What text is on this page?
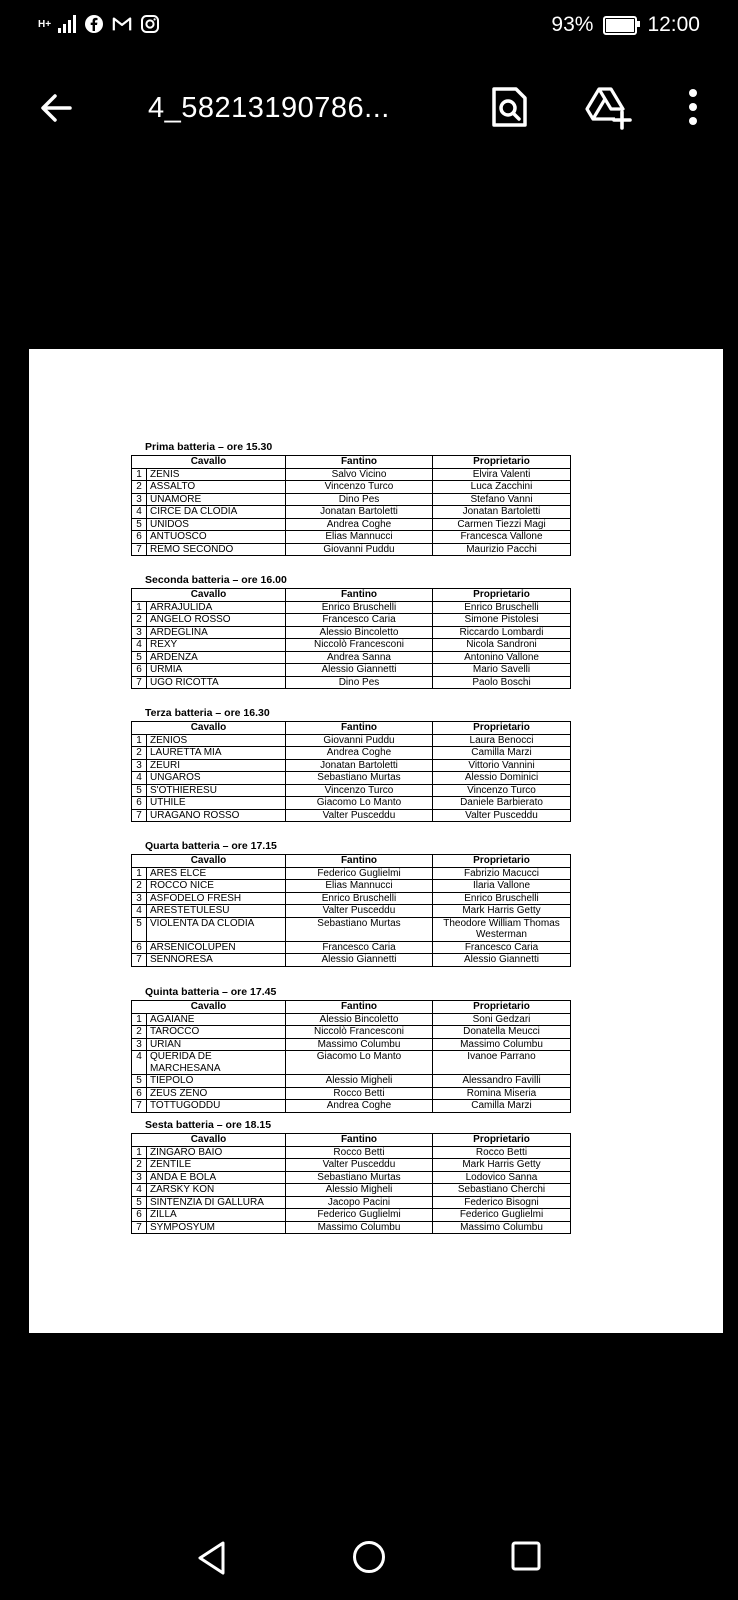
H+	93%	12:00
4_58213190786...
Prima batteria – ore 15.30
Cavallo		Fantino	Proprietario
1	ZENIS	Salvo Vicino	Elvira Valenti
2	ASSALTO	Vincenzo Turco	Luca Zacchini
3	UNAMORE	Dino Pes	Stefano Vanni
4	CIRCE DA CLODIA	Jonatan Bartoletti	Jonatan Bartoletti
5	UNIDOS	Andrea Coghe	Carmen Tiezzi Magi
6	ANTUOSCO	Elias Mannucci	Francesca Vallone
7	REMO SECONDO	Giovanni Puddu	Maurizio Pacchi
Seconda batteria – ore 16.00
Cavallo		Fantino	Proprietario
1	ARRAJULIDA	Enrico Bruschelli	Enrico Bruschelli
2	ANGELO ROSSO	Francesco Caria	Simone Pistolesi
3	ARDEGLINA	Alessio Bincoletto	Riccardo Lombardi
4	REXY	Niccolò Francesconi	Nicola Sandroni
5	ARDENZA	Andrea Sanna	Antonino Vallone
6	URMIA	Alessio Giannetti	Mario Savelli
7	UGO RICOTTA	Dino Pes	Paolo Boschi
Terza batteria – ore 16.30
Cavallo		Fantino	Proprietario
1	ZENIOS	Giovanni Puddu	Laura Benocci
2	LAURETTA MIA	Andrea Coghe	Camilla Marzi
3	ZEURI	Jonatan Bartoletti	Vittorio Vannini
4	UNGAROS	Sebastiano Murtas	Alessio Dominici
5	S'OTHIERESU	Vincenzo Turco	Vincenzo Turco
6	UTHILE	Giacomo Lo Manto	Daniele Barbierato
7	URAGANO ROSSO	Valter Pusceddu	Valter Pusceddu
Quarta batteria – ore 17.15
Cavallo		Fantino	Proprietario
1	ARES ELCE	Federico Guglielmi	Fabrizio Macucci
2	ROCCO NICE	Elias Mannucci	Ilaria Vallone
3	ASFODELO FRESH	Enrico Bruschelli	Enrico Bruschelli
4	ARESTETULESU	Valter Pusceddu	Mark Harris Getty
5	VIOLENTA DA CLODIA	Sebastiano Murtas	Theodore William Thomas Westerman
6	ARSENICOLUPEN	Francesco Caria	Francesco Caria
7	SENNORESA	Alessio Giannetti	Alessio Giannetti
Quinta batteria – ore 17.45
Cavallo		Fantino	Proprietario
1	AGAIANE	Alessio Bincoletto	Soni Gedzari
2	TAROCCO	Niccolò Francesconi	Donatella Meucci
3	URIAN	Massimo Columbu	Massimo Columbu
4	QUERIDA DE MARCHESANA	Giacomo Lo Manto	Ivanoe Parrano
5	TIEPOLO	Alessio Migheli	Alessandro Favilli
6	ZEUS ZENO	Rocco Betti	Romina Miseria
7	TOTTUGODDU	Andrea Coghe	Camilla Marzi
Sesta batteria – ore 18.15
Cavallo		Fantino	Proprietario
1	ZINGARO BAIO	Rocco Betti	Rocco Betti
2	ZENTILE	Valter Pusceddu	Mark Harris Getty
3	ANDA E BOLA	Sebastiano Murtas	Lodovico Sanna
4	ZARSKY KON	Alessio Migheli	Sebastiano Cherchi
5	SINTENZIA DI GALLURA	Jacopo Pacini	Federico Bisogni
6	ZILLA	Federico Guglielmi	Federico Guglielmi
7	SYMPOSYUM	Massimo Columbu	Massimo Columbu
